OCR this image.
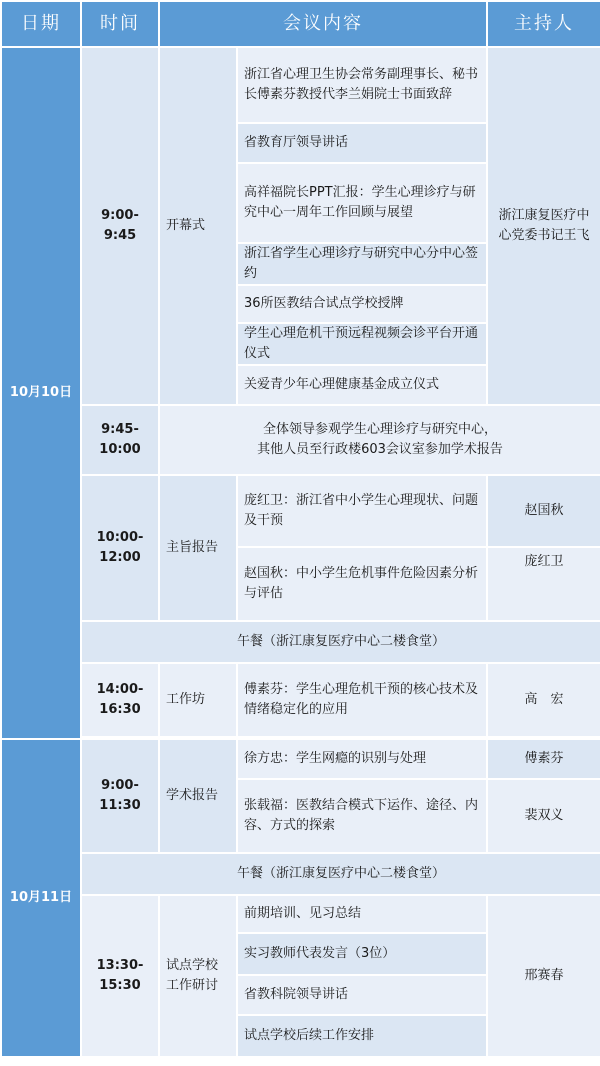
日期	时间	会议内容		主持人
10月10日	9:00-9:45	开幕式	浙江省心理卫生协会常务副理事长、秘书长傅素芬教授代李兰娟院士书面致辞	浙江康复医疗中心党委书记王飞
			省教育厅领导讲话	
			高祥福院长PPT汇报：学生心理诊疗与研究中心一周年工作回顾与展望	
			浙江省学生心理诊疗与研究中心分中心签约	
			36所医教结合试点学校授牌	
			学生心理危机干预远程视频会诊平台开通仪式	
			关爱青少年心理健康基金成立仪式	
	9:45-10:00	全体领导参观学生心理诊疗与研究中心，
其他人员至行政楼603会议室参加学术报告		

	10:00-12:00	主旨报告	庞红卫：浙江省中小学生心理现状、问题及干预	赵国秋
			赵国秋：中小学生危机事件危险因素分析与评估	庞红卫
	午餐（浙江康复医疗中心二楼食堂）			
	14:00-16:30	工作坊	傅素芬：学生心理危机干预的核心技术及情绪稳定化的应用	高　宏

10月11日	9:00-11:30	学术报告	徐方忠：学生网瘾的识别与处理	傅素芬
			张载福：医教结合模式下运作、途径、内容、方式的探索	裴双义
	午餐（浙江康复医疗中心二楼食堂）			
	13:30-15:30	试点学校工作研讨	前期培训、见习总结	邢赛春
			实习教师代表发言（3位）	
			省教科院领导讲话	
			试点学校后续工作安排	
